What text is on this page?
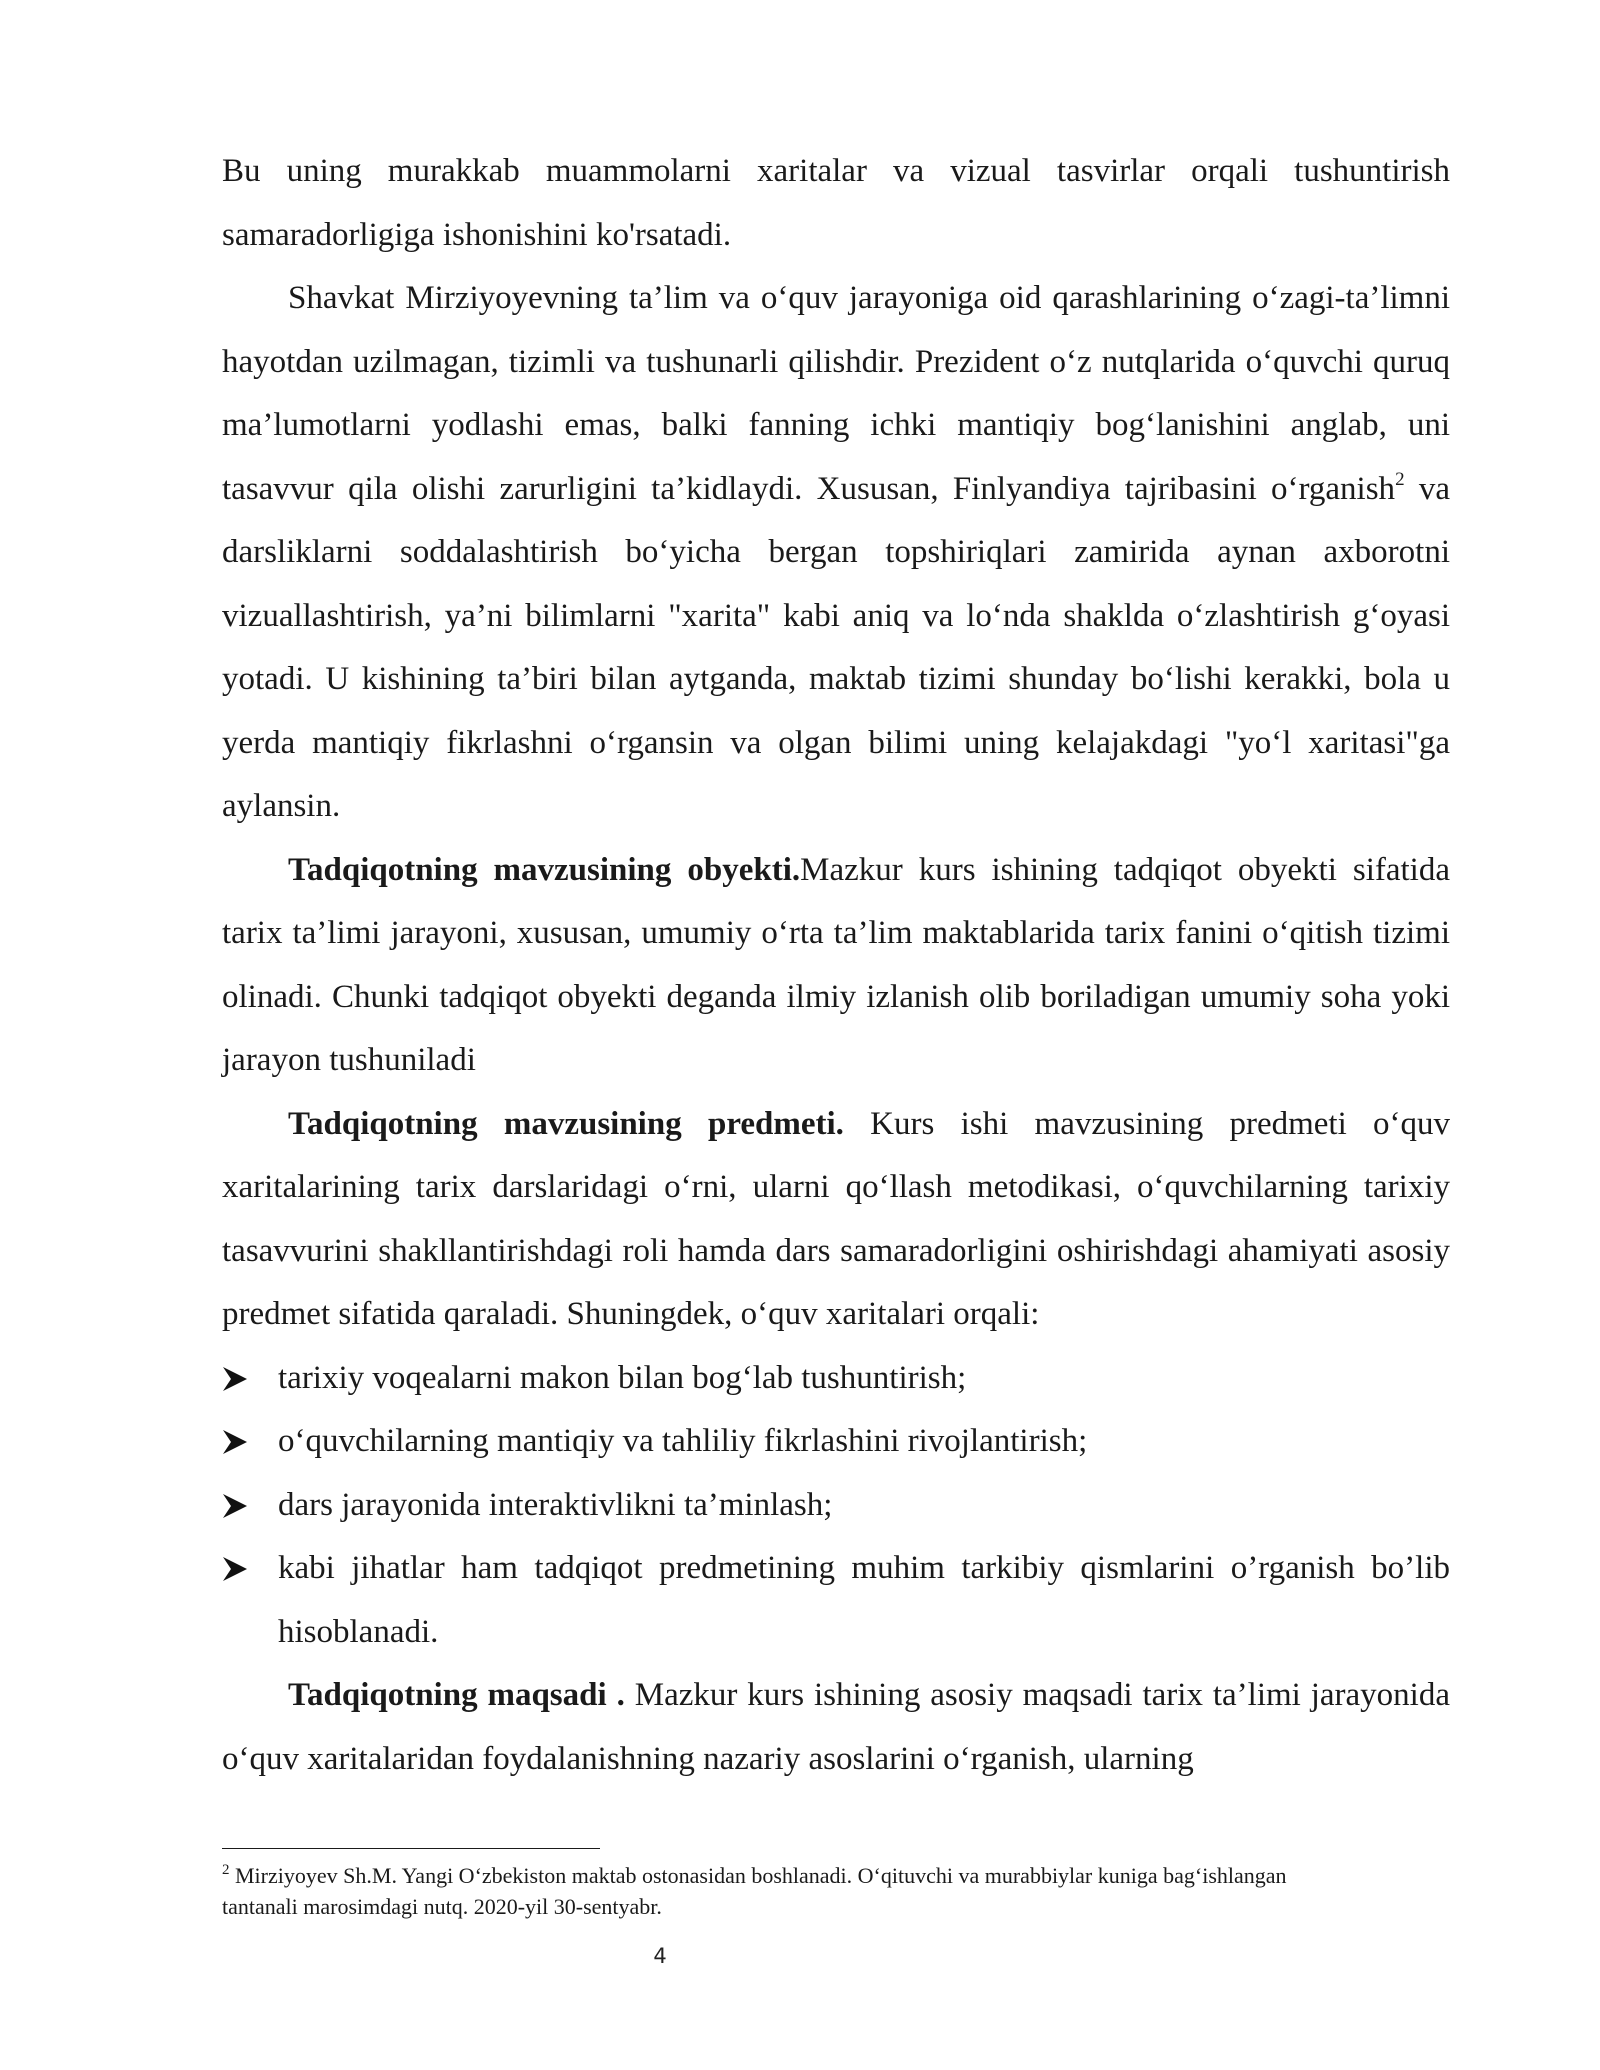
Bu uning murakkab muammolarni xaritalar va vizual tasvirlar orqali tushuntirish samaradorligiga ishonishini ko'rsatadi.

Shavkat Mirziyoyevning ta’lim va o‘quv jarayoniga oid qarashlarining o‘zagi-ta’limni hayotdan uzilmagan, tizimli va tushunarli qilishdir. Prezident o‘z nutqlarida o‘quvchi quruq ma’lumotlarni yodlashi emas, balki fanning ichki mantiqiy bog‘lanishini anglab, uni tasavvur qila olishi zarurligini ta’kidlaydi. Xususan, Finlyandiya tajribasini o‘rganish$^2$ va darsliklarni soddalashtirish bo‘yicha bergan topshiriqlari zamirida aynan axborotni vizuallashtirish, ya’ni bilimlarni "xarita" kabi aniq va lo‘nda shaklda o‘zlashtirish g‘oyasi yotadi. U kishining ta’biri bilan aytganda, maktab tizimi shunday bo‘lishi kerakki, bola u yerda mantiqiy fikrlashni o‘rgansin va olgan bilimi uning kelajakdagi "yo‘l xaritasi"ga aylansin.

Tadqiqotning mavzusining obyekti.Mazkur kurs ishining tadqiqot obyekti sifatida tarix ta’limi jarayoni, xususan, umumiy o‘rta ta’lim maktablarida tarix fanini o‘qitish tizimi olinadi. Chunki tadqiqot obyekti deganda ilmiy izlanish olib boriladigan umumiy soha yoki jarayon tushuniladi

Tadqiqotning mavzusining predmeti. Kurs ishi mavzusining predmeti o‘quv xaritalarining tarix darslaridagi o‘rni, ularni qo‘llash metodikasi, o‘quvchilarning tarixiy tasavvurini shakllantirishdagi roli hamda dars samaradorligini oshirishdagi ahamiyati asosiy predmet sifatida qaraladi. Shuningdek, o‘quv xaritalari orqali:

tarixiy voqealarni makon bilan bog‘lab tushuntirish;
o‘quvchilarning mantiqiy va tahliliy fikrlashini rivojlantirish;
dars jarayonida interaktivlikni ta’minlash;
kabi jihatlar ham tadqiqot predmetining muhim tarkibiy qismlarini o’rganish bo’lib hisoblanadi.

Tadqiqotning maqsadi . Mazkur kurs ishining asosiy maqsadi tarix ta’limi jarayonida o‘quv xaritalaridan foydalanishning nazariy asoslarini o‘rganish, ularning

$^2$ Mirziyoyev Sh.M. Yangi O‘zbekiston maktab ostonasidan boshlanadi. O‘qituvchi va murabbiylar kuniga bag‘ishlangan tantanali marosimdagi nutq. 2020-yil 30-sentyabr.

4
